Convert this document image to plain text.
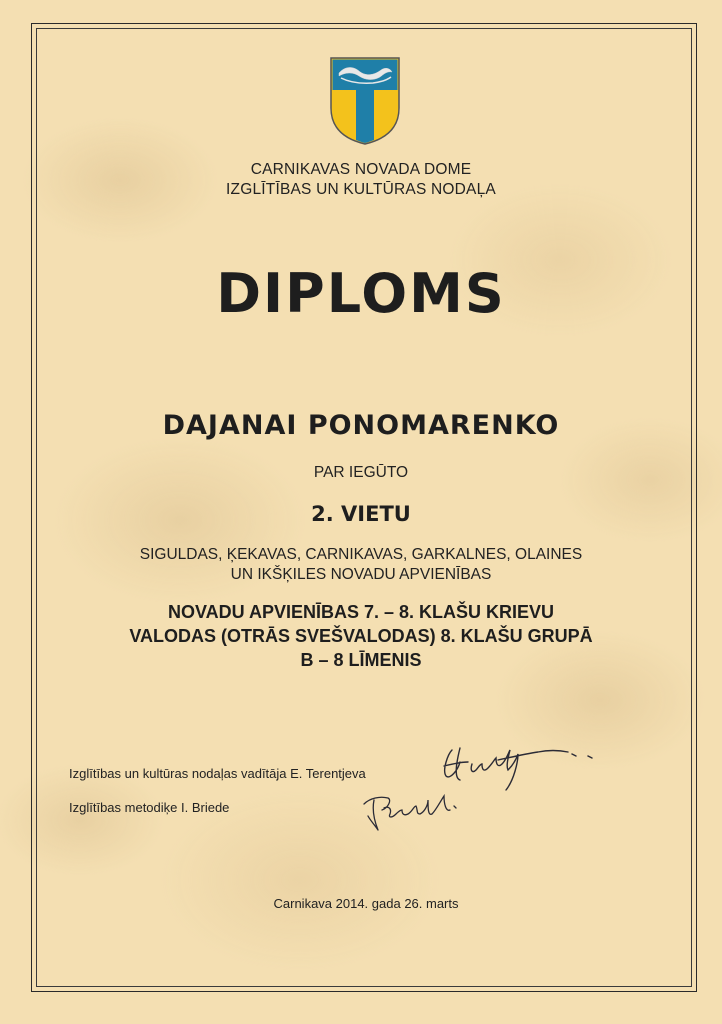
CARNIKAVAS NOVADA DOME
IZGLĪTĪBAS UN KULTŪRAS NODAĻA
DIPLOMS
DAJANAI PONOMARENKO
PAR IEGŪTO
2. VIETU
SIGULDAS, ĶEKAVAS, CARNIKAVAS, GARKALNES, OLAINES
UN IKŠĶILES NOVADU APVIENĪBAS
NOVADU APVIENĪBAS 7. – 8. KLAŠU KRIEVU
VALODAS (OTRĀS SVEŠVALODAS) 8. KLAŠU GRUPĀ
B – 8 LĪMENIS
Izglītības un kultūras nodaļas vadītāja E. Terentjeva
Izglītības metodiķe I. Briede
Carnikava 2014. gada 26. marts
